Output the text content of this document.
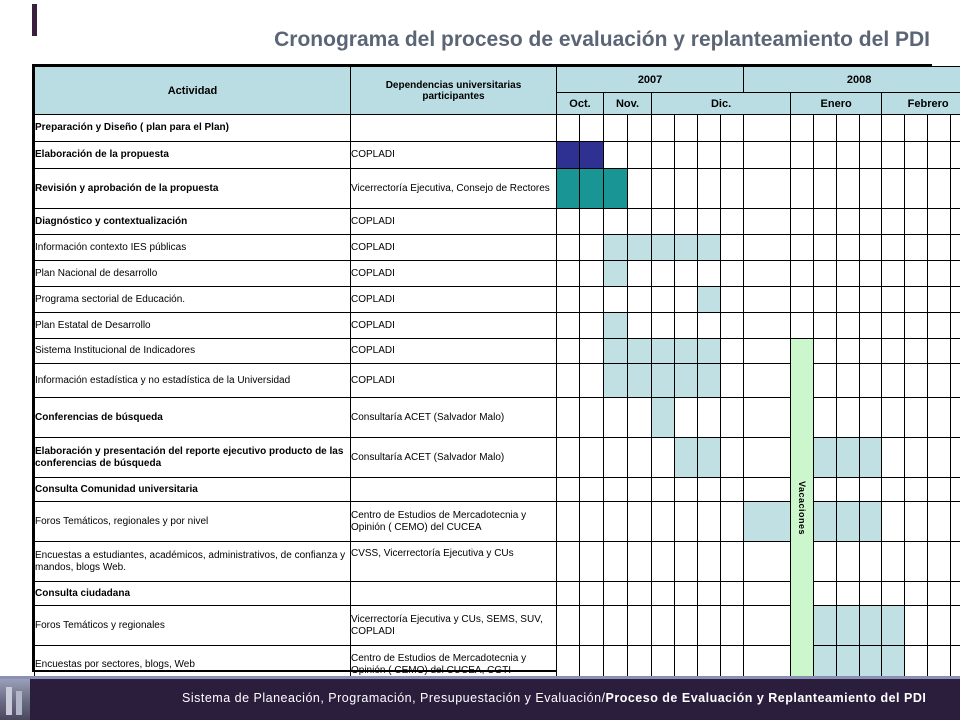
Cronograma del proceso de evaluación y replanteamiento del PDI
Actividad	Dependencias universitarias participantes	2007								2008									
		Oct.		Nov.		Dic.					Enero				Febrero				
Preparación y Diseño ( plan para el Plan)																			
Elaboración de la propuesta	COPLADI																		
Revisión y aprobación de la propuesta	Vicerrectoría Ejecutiva, Consejo de Rectores																		
Diagnóstico y contextualización	COPLADI																		
Información contexto IES públicas	COPLADI																		
Plan Nacional de desarrollo	COPLADI																		
Programa sectorial de Educación.	COPLADI																		
Plan Estatal de Desarrollo	COPLADI																		
Sistema Institucional de Indicadores	COPLADI										Vacaciones								
Información estadística y no estadística de la Universidad	COPLADI																		
Conferencias de búsqueda	Consultaría ACET (Salvador Malo)																		
Elaboración y presentación del reporte ejecutivo producto de las conferencias de búsqueda	Consultaría ACET (Salvador Malo)																		
Consulta Comunidad universitaria																			
Foros Temáticos, regionales y por nivel	Centro de Estudios de Mercadotecnia y Opinión ( CEMO) del CUCEA																		
Encuestas a estudiantes, académicos, administrativos, de confianza y mandos, blogs Web.	CVSS, Vicerrectoría Ejecutiva y CUs																		
Consulta ciudadana																			
Foros Temáticos y regionales	Vicerrectoría Ejecutiva y CUs, SEMS, SUV, COPLADI																		
Encuestas por sectores, blogs, Web	Centro de Estudios de Mercadotecnia y Opinión ( CEMO) del CUCEA, CGTI																		
Sistema de Planeación, Programación, Presupuestación y Evaluación/Proceso de Evaluación y Replanteamiento del PDI
